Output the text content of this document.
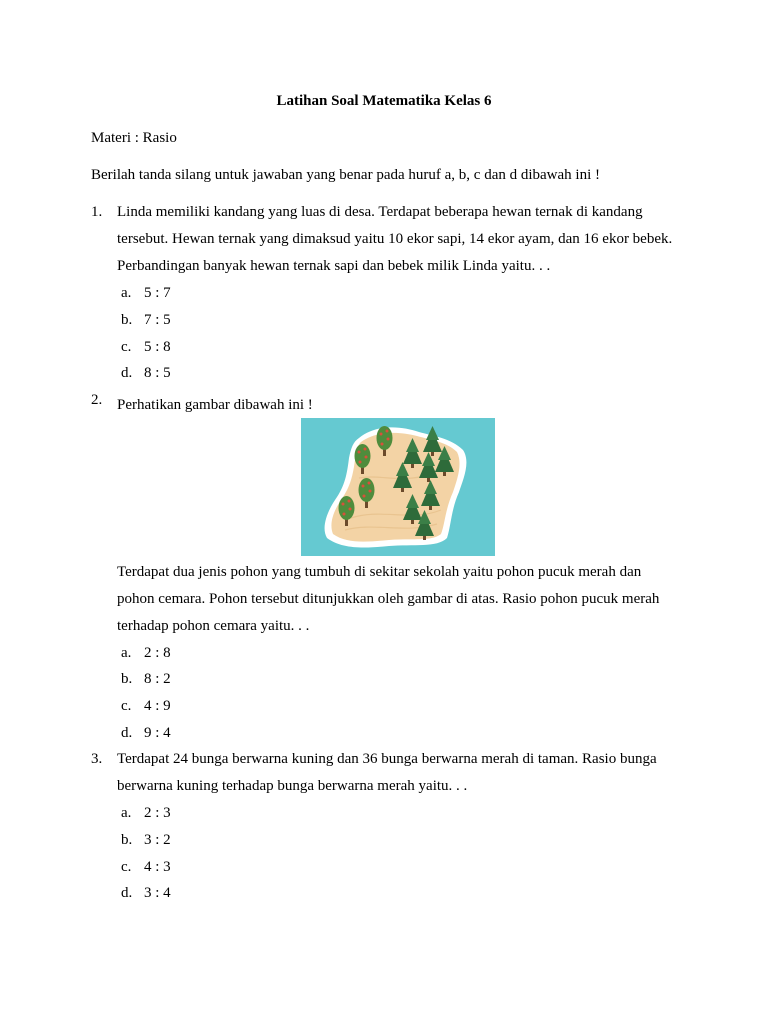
Latihan Soal Matematika Kelas 6
Materi : Rasio
Berilah tanda silang untuk jawaban yang benar pada huruf a, b, c dan d dibawah ini !
1. Linda memiliki kandang yang luas di desa. Terdapat beberapa hewan ternak di kandang
tersebut. Hewan ternak yang dimaksud yaitu 10 ekor sapi, 14 ekor ayam, dan 16 ekor bebek.
Perbandingan banyak hewan ternak sapi dan bebek milik Linda yaitu. . .
a. 5 : 7
b. 7 : 5
c. 5 : 8
d. 8 : 5
2. Perhatikan gambar dibawah ini !
Terdapat dua jenis pohon yang tumbuh di sekitar sekolah yaitu pohon pucuk merah dan
pohon cemara. Pohon tersebut ditunjukkan oleh gambar di atas. Rasio pohon pucuk merah
terhadap pohon cemara yaitu. . .
a. 2 : 8
b. 8 : 2
c. 4 : 9
d. 9 : 4
3. Terdapat 24 bunga berwarna kuning dan 36 bunga berwarna merah di taman. Rasio bunga
berwarna kuning terhadap bunga berwarna merah yaitu. . .
a. 2 : 3
b. 3 : 2
c. 4 : 3
d. 3 : 4
